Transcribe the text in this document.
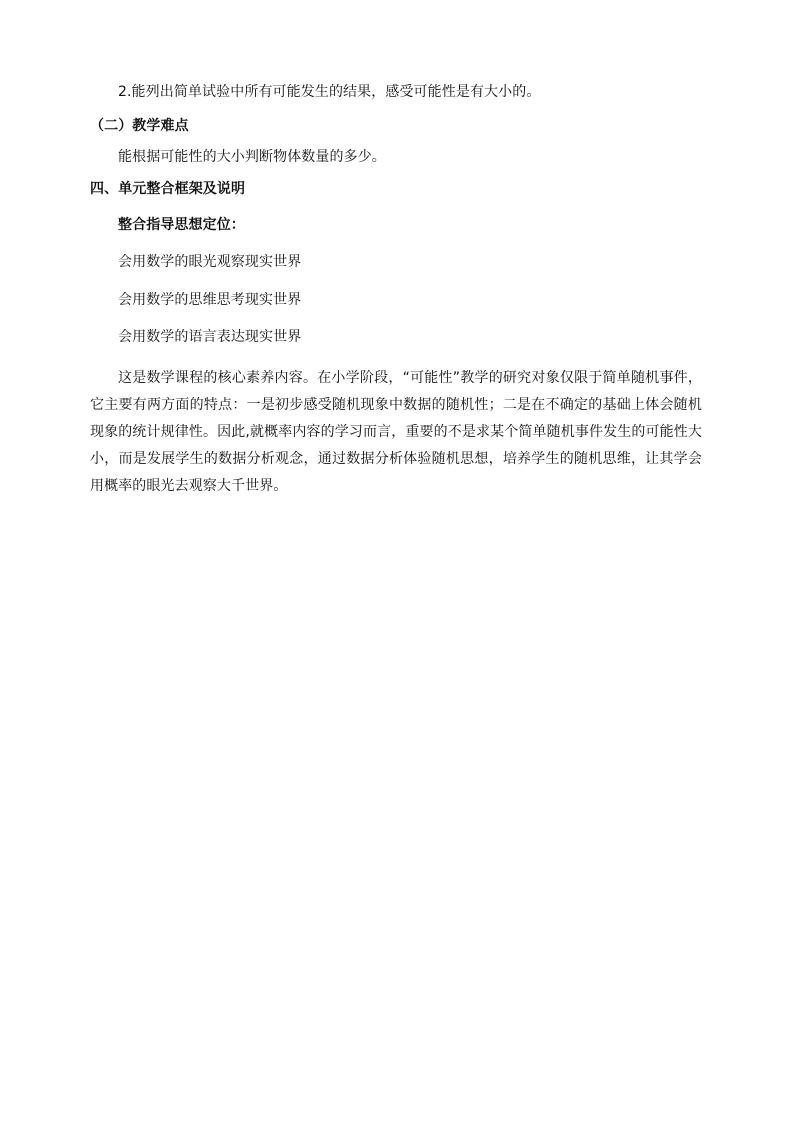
2.能列出简单试验中所有可能发生的结果，感受可能性是有大小的。
（二）教学难点
能根据可能性的大小判断物体数量的多少。
四、单元整合框架及说明
整合指导思想定位：
会用数学的眼光观察现实世界
会用数学的思维思考现实世界
会用数学的语言表达现实世界
这是数学课程的核心素养内容。在小学阶段，“可能性”教学的研究对象仅限于简单随机事件，它主要有两方面的特点：一是初步感受随机现象中数据的随机性；二是在不确定的基础上体会随机现象的统计规律性。因此,就概率内容的学习而言，重要的不是求某个简单随机事件发生的可能性大小，而是发展学生的数据分析观念，通过数据分析体验随机思想，培养学生的随机思维，让其学会用概率的眼光去观察大千世界。
